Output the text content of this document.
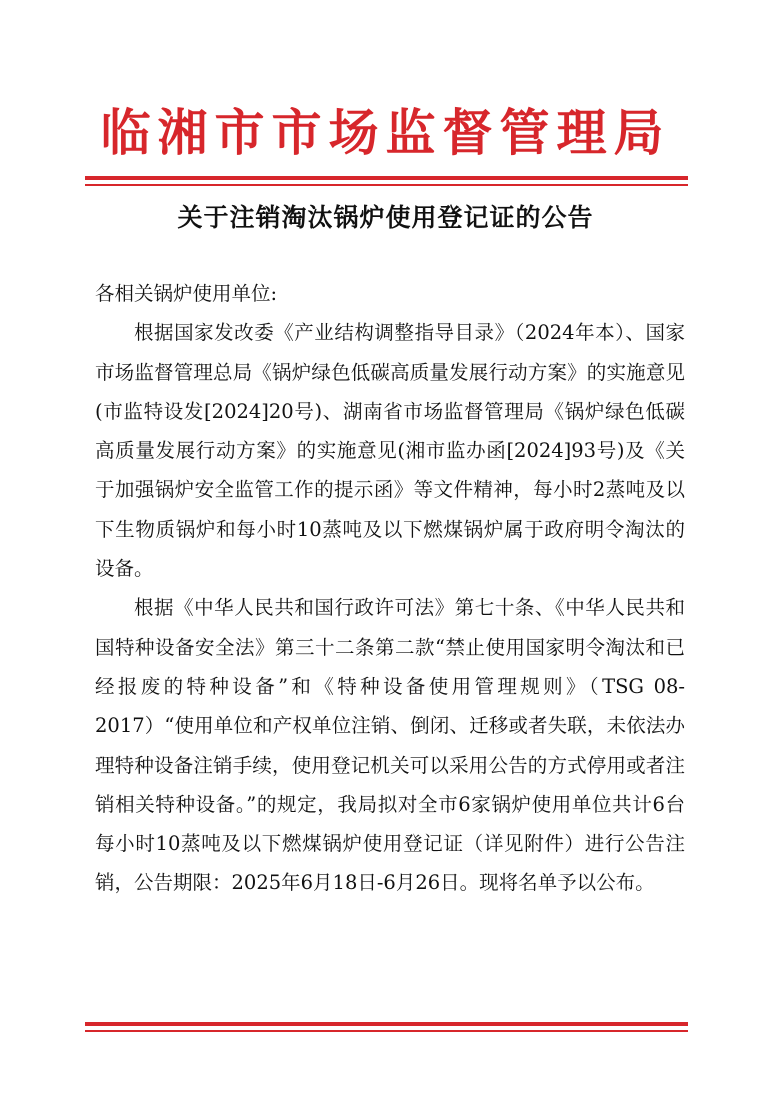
临湘市市场监督管理局
关于注销淘汰锅炉使用登记证的公告

各相关锅炉使用单位:

根据国家发改委《产业结构调整指导目录》（2024年本）、国家市场监督管理总局《锅炉绿色低碳高质量发展行动方案》的实施意见(市监特设发[2024]20号)、湖南省市场监督管理局《锅炉绿色低碳高质量发展行动方案》的实施意见(湘市监办函[2024]93号)及《关于加强锅炉安全监管工作的提示函》等文件精神，每小时2蒸吨及以下生物质锅炉和每小时10蒸吨及以下燃煤锅炉属于政府明令淘汰的设备。

根据《中华人民共和国行政许可法》第七十条、《中华人民共和国特种设备安全法》第三十二条第二款“禁止使用国家明令淘汰和已经报废的特种设备”和《特种设备使用管理规则》（TSG 08-2017）“使用单位和产权单位注销、倒闭、迁移或者失联，未依法办理特种设备注销手续，使用登记机关可以采用公告的方式停用或者注销相关特种设备。”的规定，我局拟对全市6家锅炉使用单位共计6台每小时10蒸吨及以下燃煤锅炉使用登记证（详见附件）进行公告注销，公告期限：2025年6月18日-6月26日。现将名单予以公布。
